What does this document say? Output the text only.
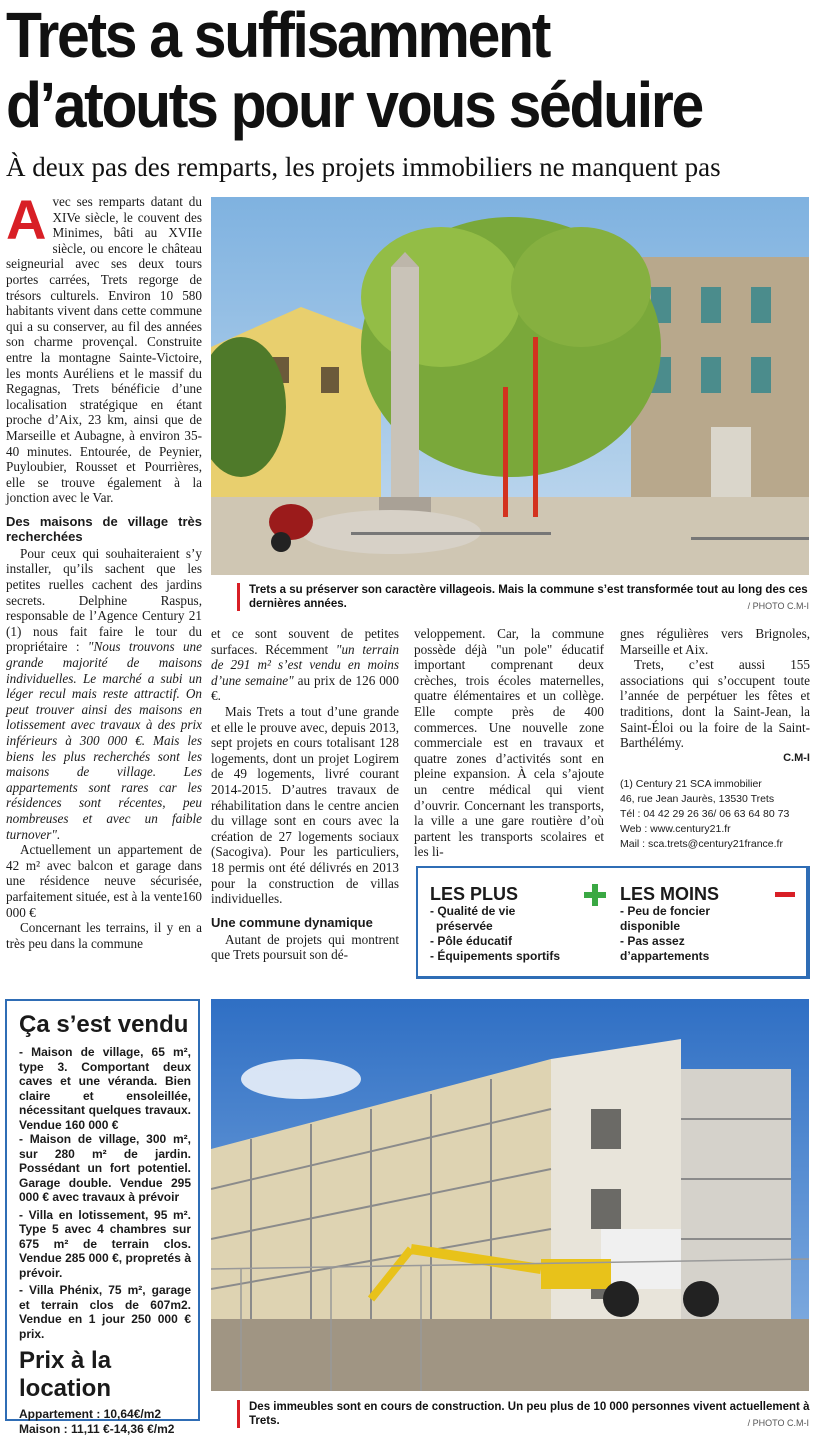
Trets a suffisamment
d’atouts pour vous séduire
À deux pas des remparts, les projets immobiliers ne manquent pas
A vec ses remparts datant du XIVe siècle, le couvent des Minimes, bâti au XVIIe siècle, ou encore le château seigneurial avec ses deux tours portes carrées, Trets regorge de trésors culturels. Environ 10 580 habitants vivent dans cette commune qui a su conserver, au fil des années son charme provençal. Construite entre la montagne Sainte-Victoire, les monts Auréliens et le massif du Regagnas, Trets bénéficie d’une localisation stratégique en étant proche d’Aix, 23 km, ainsi que de Marseille et Aubagne, à environ 35-40 minutes. Entourée, de Peynier, Puyloubier, Rousset et Pourrières, elle se trouve également à la jonction avec le Var.

Des maisons de village très recherchées

Pour ceux qui souhaiteraient s’y installer, qu’ils sachent que les petites ruelles cachent des jardins secrets. Delphine Raspus, responsable de l’Agence Century 21 (1) nous fait faire le tour du propriétaire : "Nous trouvons une grande majorité de maisons individuelles. Le marché a subi un léger recul mais reste attractif. On peut trouver ainsi des maisons en lotissement avec travaux à des prix inférieurs à 300 000 €. Mais les biens les plus recherchés sont les maisons de village. Les appartements sont rares car les résidences sont récentes, peu nombreuses et avec un faible turnover".

Actuellement un appartement de 42 m² avec balcon et garage dans une résidence neuve sécurisée, parfaitement située, est à la vente160 000 €

Concernant les terrains, il y en a très peu dans la commune

Trets a su préserver son caractère villageois. Mais la commune s’est transformée tout au long des ces dernières années.	/ PHOTO C.M-I

et ce sont souvent de petites surfaces. Récemment "un terrain de 291 m² s’est vendu en moins d’une semaine" au prix de 126 000 €.

Mais Trets a tout d’une grande et elle le prouve avec, depuis 2013, sept projets en cours totalisant 128 logements, dont un projet Logirem de 49 logements, livré courant 2014-2015. D’autres travaux de réhabilitation dans le centre ancien du village sont en cours avec la création de 27 logements sociaux (Sacogiva). Pour les particuliers, 18 permis ont été délivrés en 2013 pour la construction de villas individuelles.

Une commune dynamique

Autant de projets qui montrent que Trets poursuit son dé-

veloppement. Car, la commune possède déjà "un pole" éducatif important comprenant deux crèches, trois écoles maternelles, quatre élémentaires et un collège. Elle compte près de 400 commerces. Une nouvelle zone commerciale est en travaux et quatre zones d’activités sont en pleine expansion. À cela s’ajoute un centre médical qui vient d’ouvrir. Concernant les transports, la ville a une gare routière d’où partent les transports scolaires et les li-

gnes régulières vers Brignoles, Marseille et Aix.

Trets, c’est aussi 155 associations qui s’occupent toute l’année de perpétuer les fêtes et traditions, dont la Saint-Jean, la Saint-Éloi ou la foire de la Saint-Barthélémy.

C.M-I

(1) Century 21 SCA immobilier
46, rue Jean Jaurès, 13530 Trets
Tél : 04 42 29 26 36/ 06 63 64 80 73
Web : www.century21.fr
Mail : sca.trets@century21france.fr
LES PLUS
- Qualité de vie
préservée
- Pôle éducatif
- Équipements sportifs
LES MOINS
- Peu de foncier
disponible
- Pas assez
d’appartements
Ça s’est vendu
- Maison de village, 65 m², type 3. Comportant deux caves et une véranda. Bien claire et ensoleillée, nécessitant quelques travaux. Vendue 160 000 €
- Maison de village, 300 m², sur 280 m² de jardin. Possédant un fort potentiel. Garage double. Vendue 295 000 € avec travaux à prévoir
- Villa en lotissement, 95 m². Type 5 avec 4 chambres sur 675 m² de terrain clos. Vendue 285 000 €, propretés à prévoir.
- Villa Phénix, 75 m², garage et terrain clos de 607m2. Vendue en 1 jour 250 000 € prix.
Prix à la location
Appartement : 10,64€/m2
Maison : 11,11 €-14,36 €/m2
Des immeubles sont en cours de construction. Un peu plus de 10 000 personnes vivent actuellement à Trets.	/ PHOTO C.M-I
